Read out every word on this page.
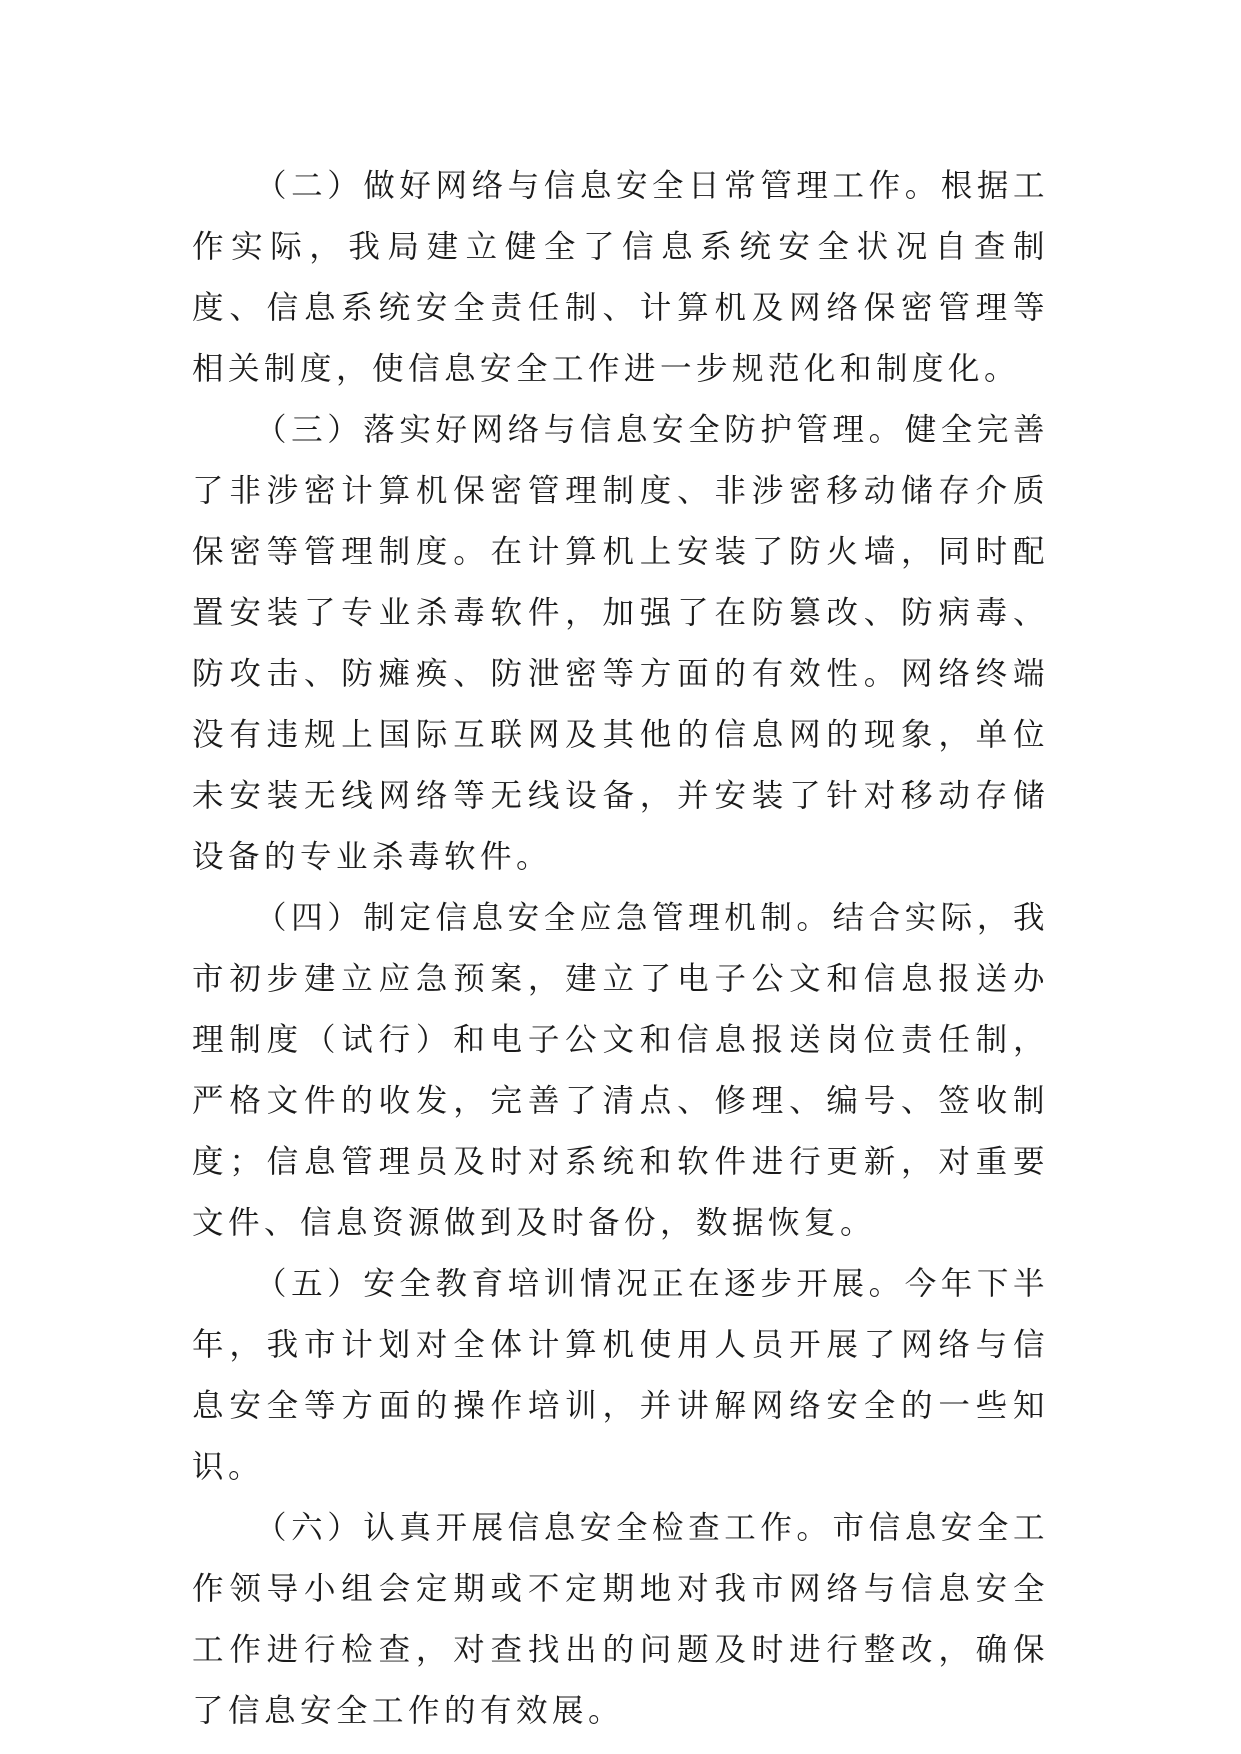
（二）做好网络与信息安全日常管理工作。根据工作实际，我局建立健全了信息系统安全状况自查制度、信息系统安全责任制、计算机及网络保密管理等相关制度，使信息安全工作进一步规范化和制度化。

（三）落实好网络与信息安全防护管理。健全完善了非涉密计算机保密管理制度、非涉密移动储存介质保密等管理制度。在计算机上安装了防火墙，同时配置安装了专业杀毒软件，加强了在防篡改、防病毒、防攻击、防瘫痪、防泄密等方面的有效性。网络终端没有违规上国际互联网及其他的信息网的现象，单位未安装无线网络等无线设备，并安装了针对移动存储设备的专业杀毒软件。

（四）制定信息安全应急管理机制。结合实际，我市初步建立应急预案，建立了电子公文和信息报送办理制度（试行）和电子公文和信息报送岗位责任制，严格文件的收发，完善了清点、修理、编号、签收制度；信息管理员及时对系统和软件进行更新，对重要文件、信息资源做到及时备份，数据恢复。

（五）安全教育培训情况正在逐步开展。今年下半年，我市计划对全体计算机使用人员开展了网络与信息安全等方面的操作培训，并讲解网络安全的一些知识。

（六）认真开展信息安全检查工作。市信息安全工作领导小组会定期或不定期地对我市网络与信息安全工作进行检查，对查找出的问题及时进行整改，确保了信息安全工作的有效展。
